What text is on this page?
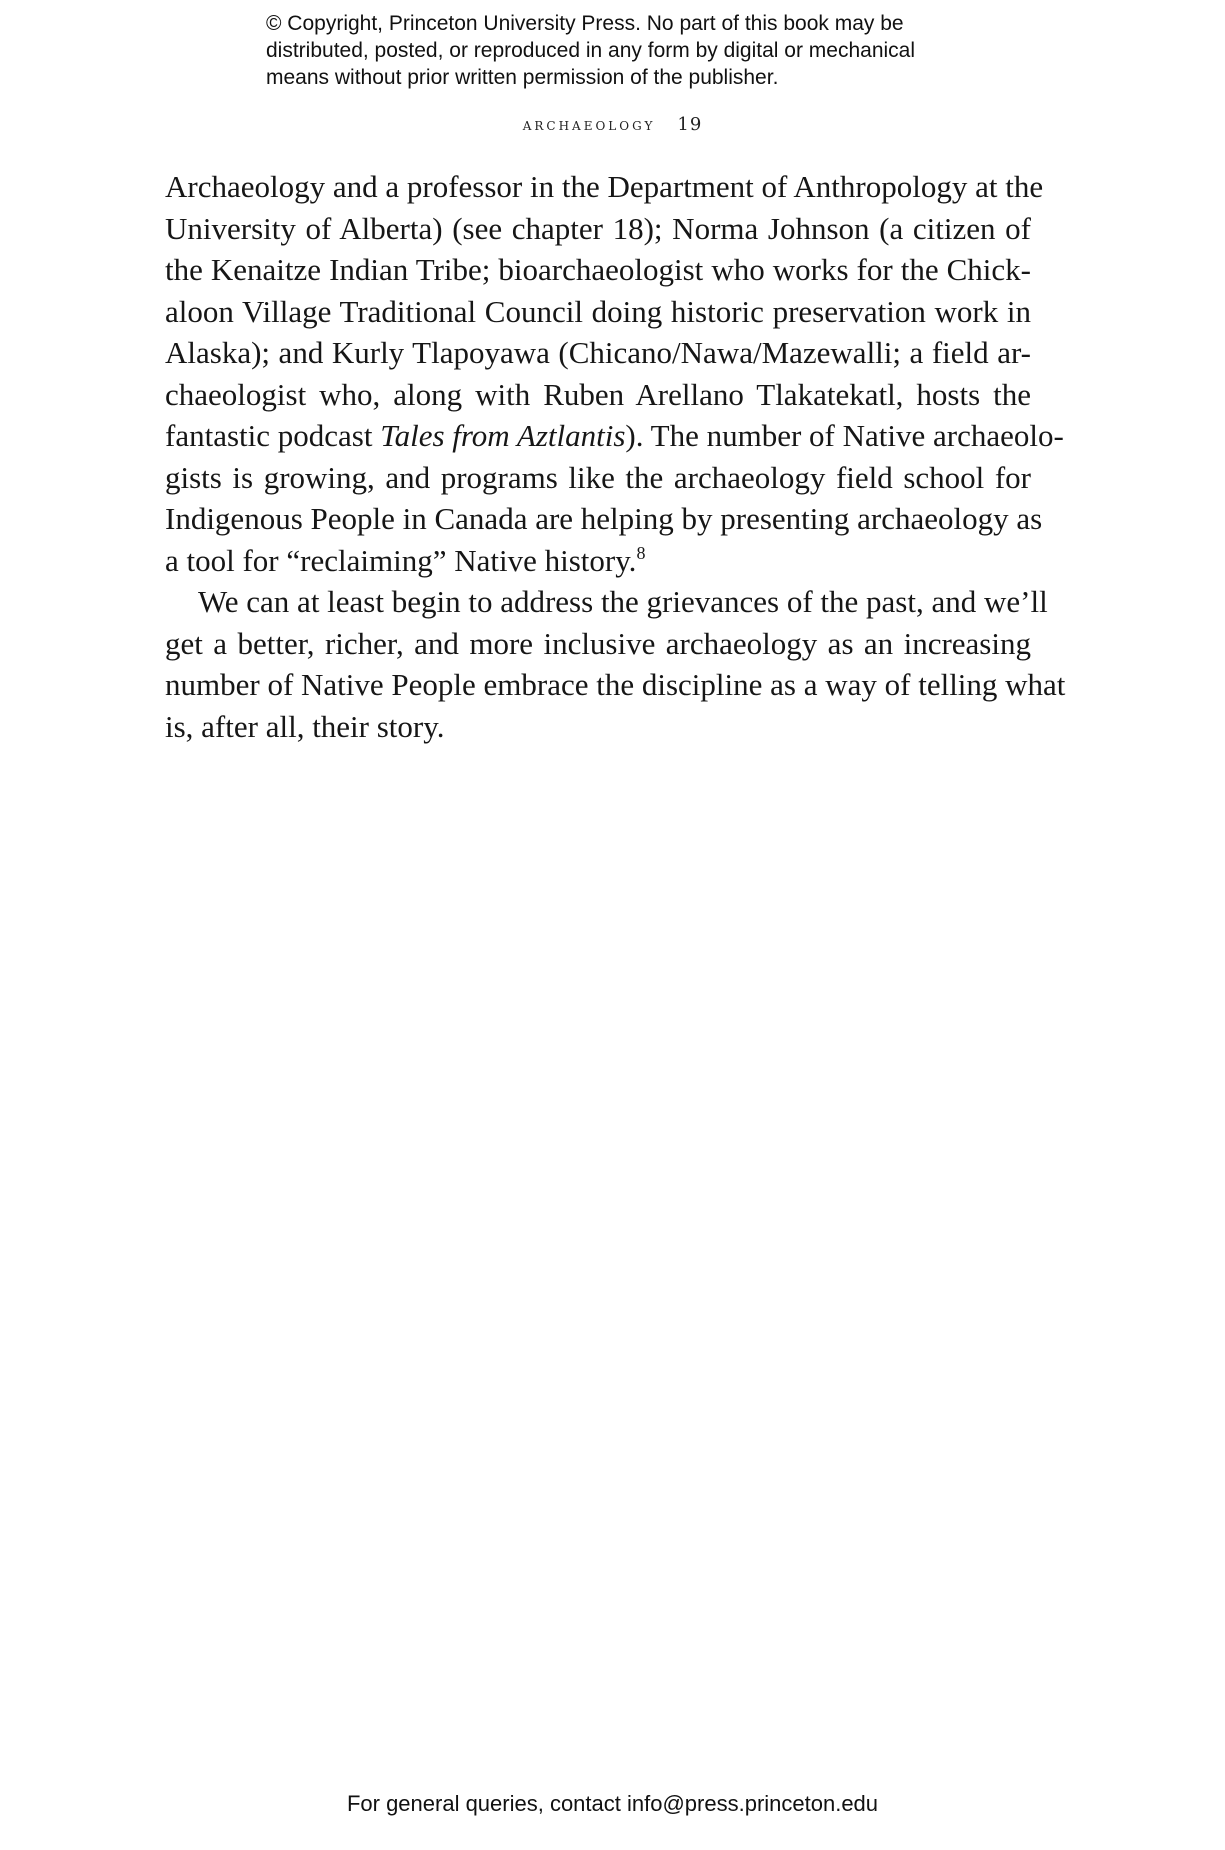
© Copyright, Princeton University Press. No part of this book may be
distributed, posted, or reproduced in any form by digital or mechanical
means without prior written permission of the publisher.
archaeology 19
Archaeology and a professor in the Department of Anthropology at the
University of Alberta) (see chapter 18); Norma Johnson (a citizen of
the Kenaitze Indian Tribe; bioarchaeologist who works for the Chick-
aloon Village Traditional Council doing historic preservation work in
Alaska); and Kurly Tlapoyawa (Chicano/Nawa/Mazewalli; a field ar-
chaeologist who, along with Ruben Arellano Tlakatekatl, hosts the
fantastic podcast Tales from Aztlantis). The number of Native archaeolo-
gists is growing, and programs like the archaeology field school for
Indigenous People in Canada are helping by presenting archaeology as
a tool for “reclaiming” Native history.$^8$
We can at least begin to address the grievances of the past, and we’ll
get a better, richer, and more inclusive archaeology as an increasing
number of Native People embrace the discipline as a way of telling what
is, after all, their story.
For general queries, contact info@press.princeton.edu
